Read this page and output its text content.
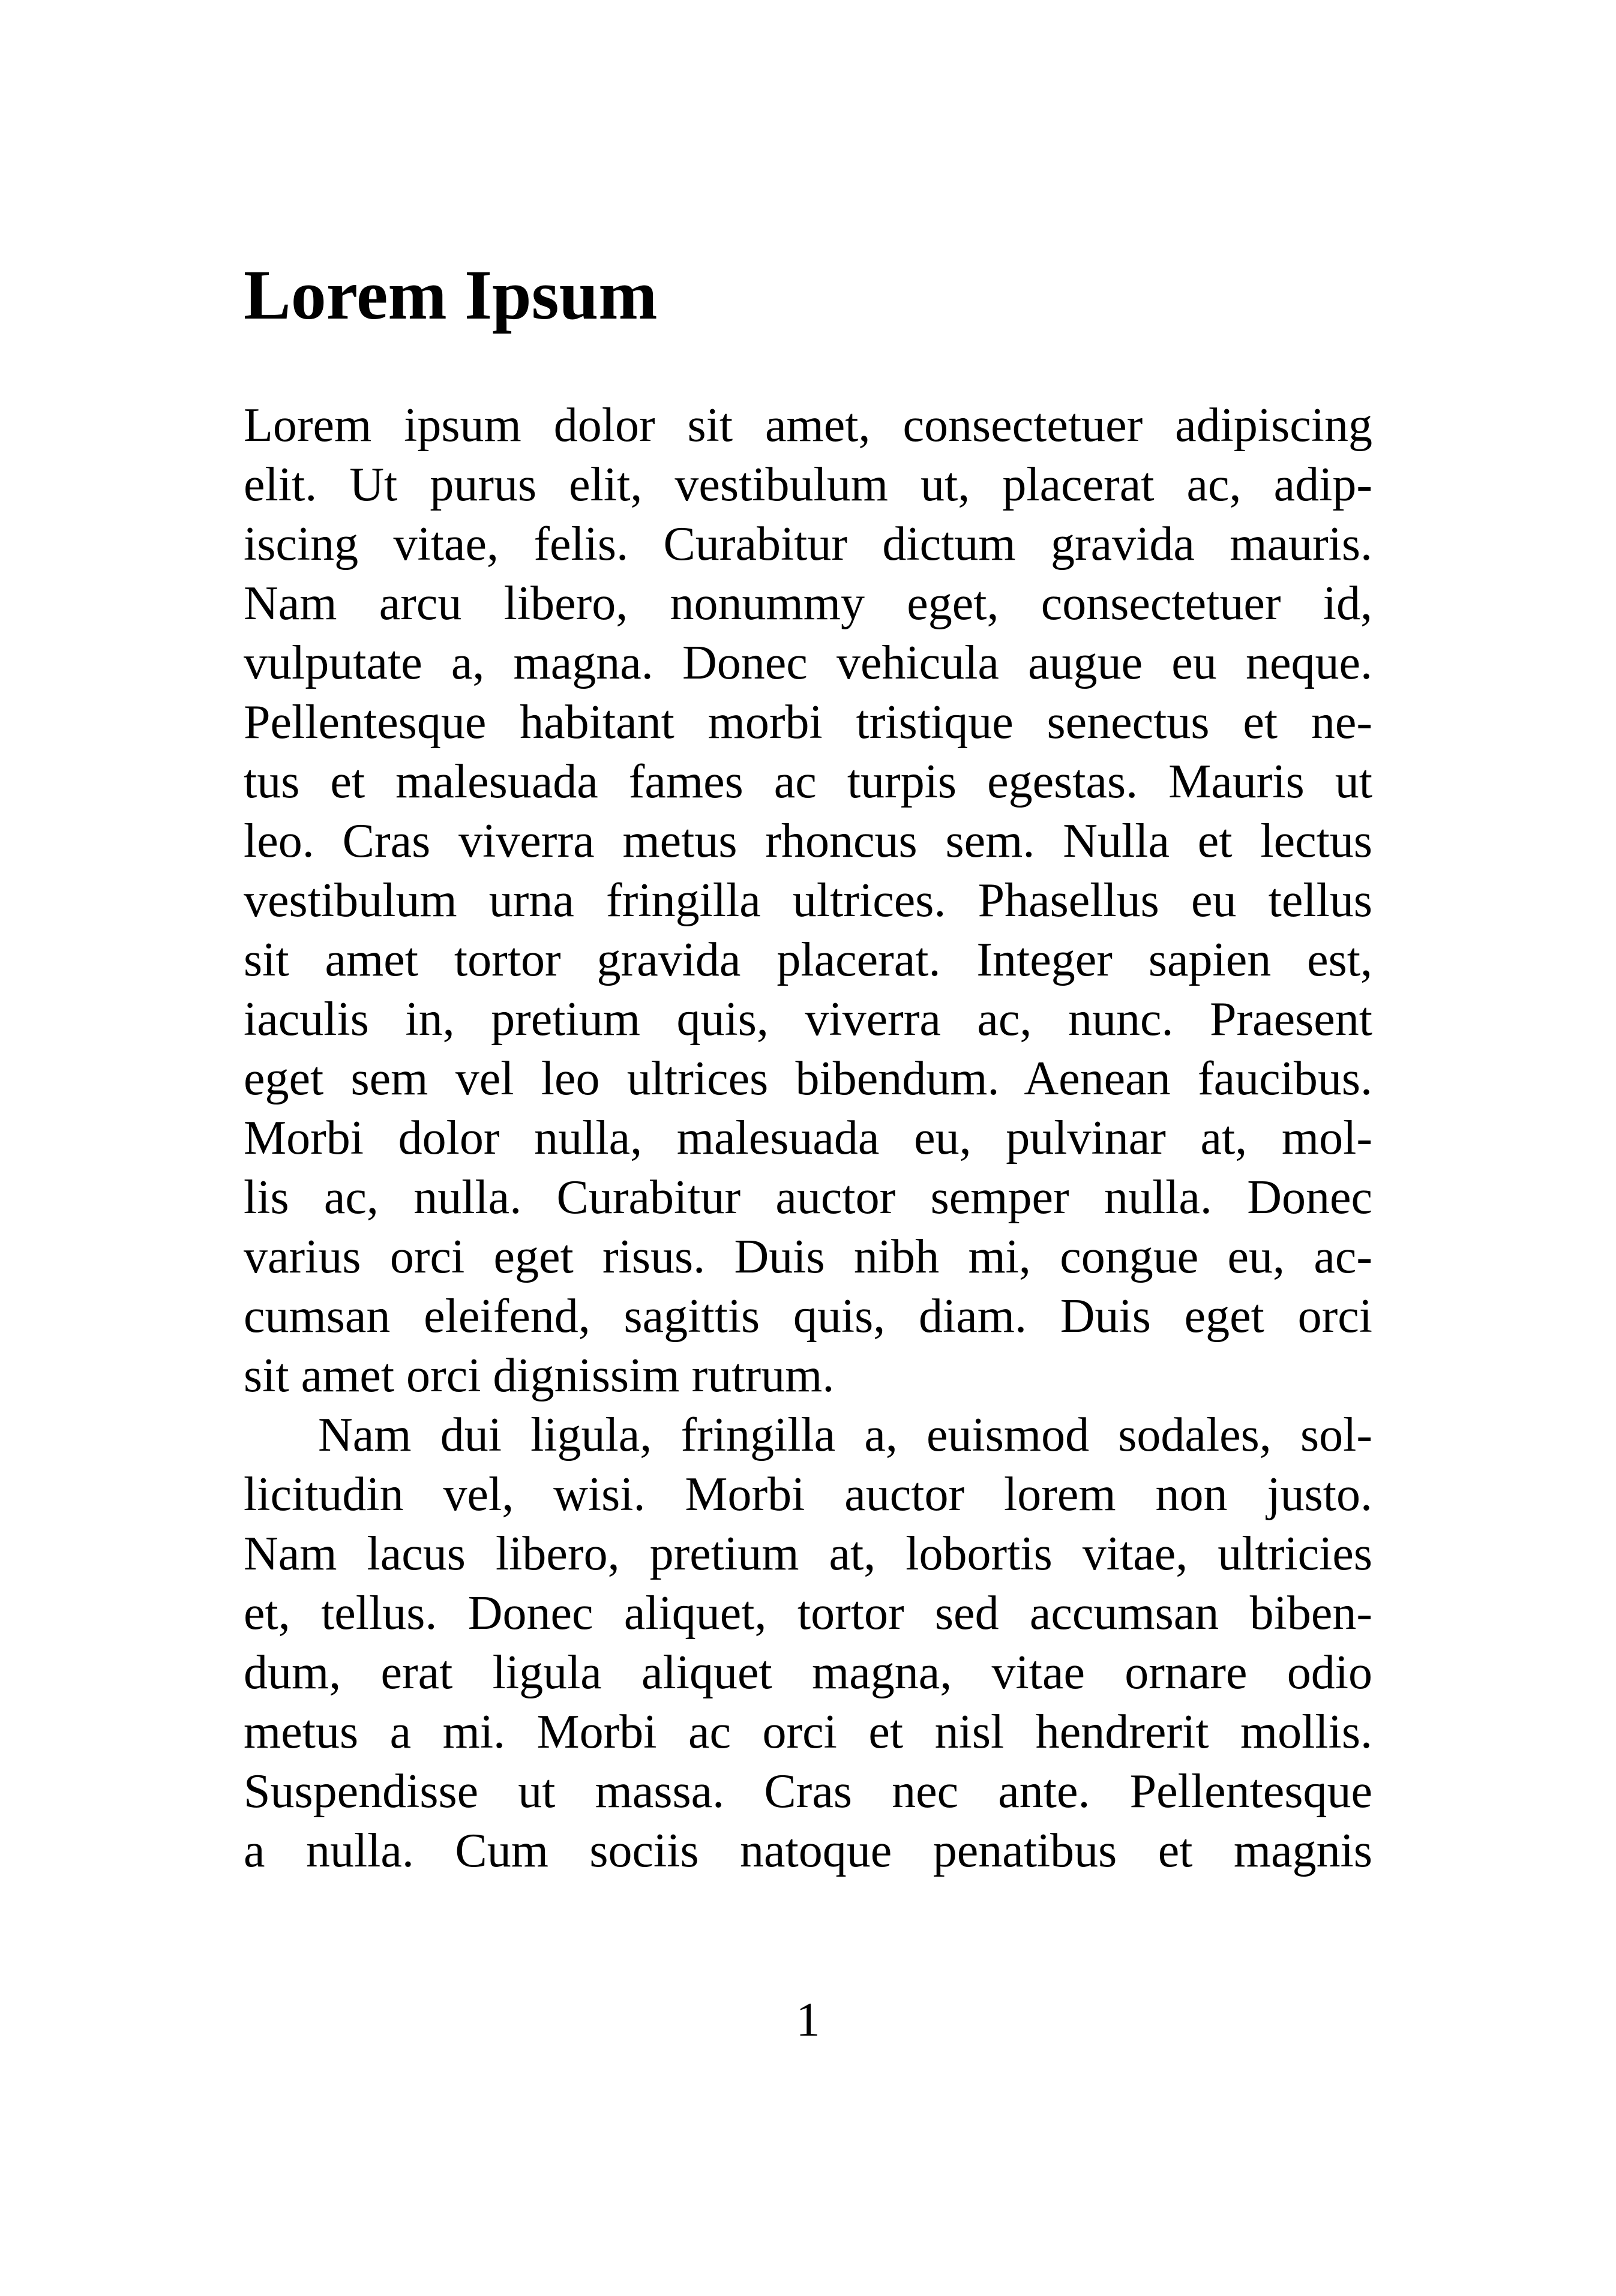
Lorem Ipsum

Lorem ipsum dolor sit amet, consectetuer adipiscing

elit. Ut purus elit, vestibulum ut, placerat ac, adip-

iscing vitae, felis. Curabitur dictum gravida mauris.

Nam arcu libero, nonummy eget, consectetuer id,

vulputate a, magna. Donec vehicula augue eu neque.

Pellentesque habitant morbi tristique senectus et ne-

tus et malesuada fames ac turpis egestas. Mauris ut

leo. Cras viverra metus rhoncus sem. Nulla et lectus

vestibulum urna fringilla ultrices. Phasellus eu tellus

sit amet tortor gravida placerat. Integer sapien est,

iaculis in, pretium quis, viverra ac, nunc. Praesent

eget sem vel leo ultrices bibendum. Aenean faucibus.

Morbi dolor nulla, malesuada eu, pulvinar at, mol-

lis ac, nulla. Curabitur auctor semper nulla. Donec

varius orci eget risus. Duis nibh mi, congue eu, ac-

cumsan eleifend, sagittis quis, diam. Duis eget orci

sit amet orci dignissim rutrum.

Nam dui ligula, fringilla a, euismod sodales, sol-

licitudin vel, wisi. Morbi auctor lorem non justo.

Nam lacus libero, pretium at, lobortis vitae, ultricies

et, tellus. Donec aliquet, tortor sed accumsan biben-

dum, erat ligula aliquet magna, vitae ornare odio

metus a mi. Morbi ac orci et nisl hendrerit mollis.

Suspendisse ut massa. Cras nec ante. Pellentesque

a nulla. Cum sociis natoque penatibus et magnis

1
